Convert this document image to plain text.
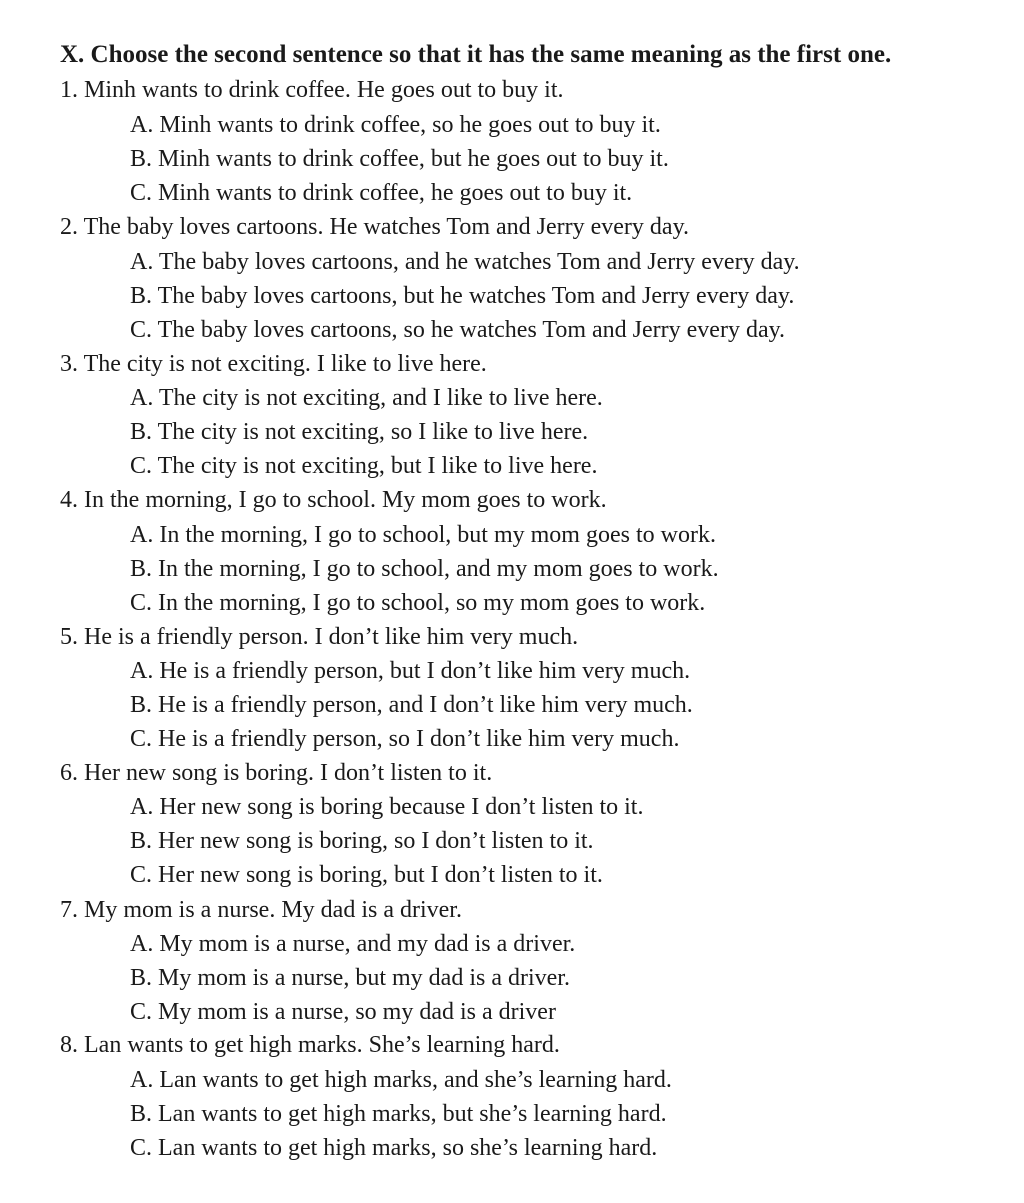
X. Choose the second sentence so that it has the same meaning as the first one.
1. Minh wants to drink coffee. He goes out to buy it.
A. Minh wants to drink coffee, so he goes out to buy it.
B. Minh wants to drink coffee, but he goes out to buy it.
C. Minh wants to drink coffee, he goes out to buy it.
2. The baby loves cartoons. He watches Tom and Jerry every day.
A. The baby loves cartoons, and he watches Tom and Jerry every day.
B. The baby loves cartoons, but he watches Tom and Jerry every day.
C. The baby loves cartoons, so he watches Tom and Jerry every day.
3. The city is not exciting. I like to live here.
A. The city is not exciting, and I like to live here.
B. The city is not exciting, so I like to live here.
C. The city is not exciting, but I like to live here.
4. In the morning, I go to school. My mom goes to work.
A. In the morning, I go to school, but my mom goes to work.
B. In the morning, I go to school, and my mom goes to work.
C. In the morning, I go to school, so my mom goes to work.
5. He is a friendly person. I don’t like him very much.
A. He is a friendly person, but I don’t like him very much.
B. He is a friendly person, and I don’t like him very much.
C. He is a friendly person, so I don’t like him very much.
6. Her new song is boring. I don’t listen to it.
A. Her new song is boring because I don’t listen to it.
B. Her new song is boring, so I don’t listen to it.
C. Her new song is boring, but I don’t listen to it.
7. My mom is a nurse. My dad is a driver.
A. My mom is a nurse, and my dad is a driver.
B. My mom is a nurse, but my dad is a driver.
C. My mom is a nurse, so my dad is a driver
8. Lan wants to get high marks. She’s learning hard.
A. Lan wants to get high marks, and she’s learning hard.
B. Lan wants to get high marks, but she’s learning hard.
C. Lan wants to get high marks, so she’s learning hard.
